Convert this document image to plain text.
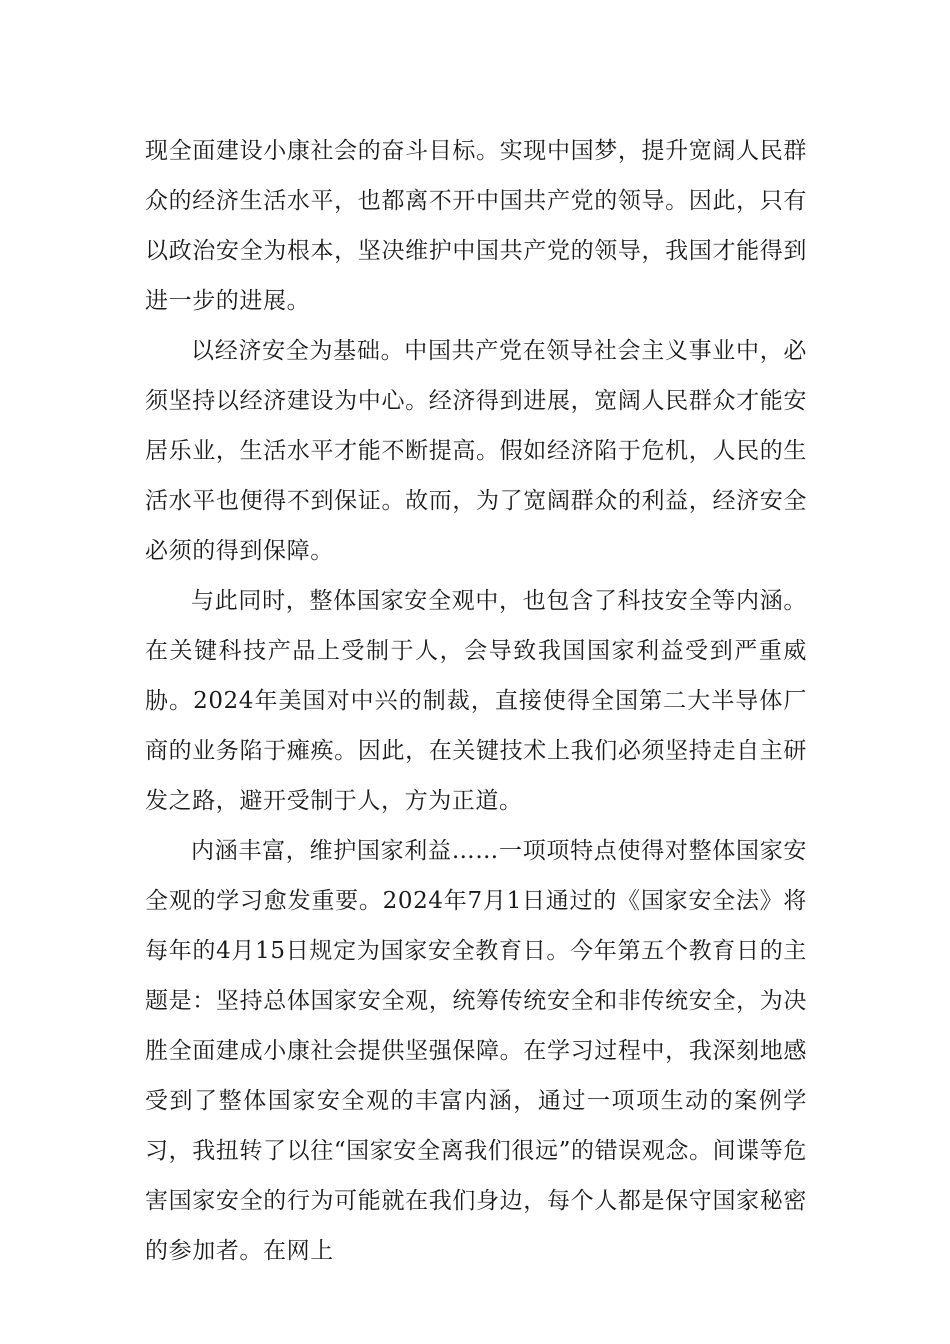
现全面建设小康社会的奋斗目标。实现中国梦，提升宽阔人民群众的经济生活水平，也都离不开中国共产党的领导。因此，只有以政治安全为根本，坚决维护中国共产党的领导，我国才能得到进一步的进展。

以经济安全为基础。中国共产党在领导社会主义事业中，必须坚持以经济建设为中心。经济得到进展，宽阔人民群众才能安居乐业，生活水平才能不断提高。假如经济陷于危机，人民的生活水平也便得不到保证。故而，为了宽阔群众的利益，经济安全必须的得到保障。

与此同时，整体国家安全观中，也包含了科技安全等内涵。在关键科技产品上受制于人，会导致我国国家利益受到严重威胁。2024年美国对中兴的制裁，直接使得全国第二大半导体厂商的业务陷于瘫痪。因此，在关键技术上我们必须坚持走自主研发之路，避开受制于人，方为正道。

内涵丰富，维护国家利益……一项项特点使得对整体国家安全观的学习愈发重要。2024年7月1日通过的《国家安全法》将每年的4月15日规定为国家安全教育日。今年第五个教育日的主题是：坚持总体国家安全观，统筹传统安全和非传统安全，为决胜全面建成小康社会提供坚强保障。在学习过程中，我深刻地感受到了整体国家安全观的丰富内涵，通过一项项生动的案例学习，我扭转了以往“国家安全离我们很远”的错误观念。间谍等危害国家安全的行为可能就在我们身边，每个人都是保守国家秘密的参加者。在网上
